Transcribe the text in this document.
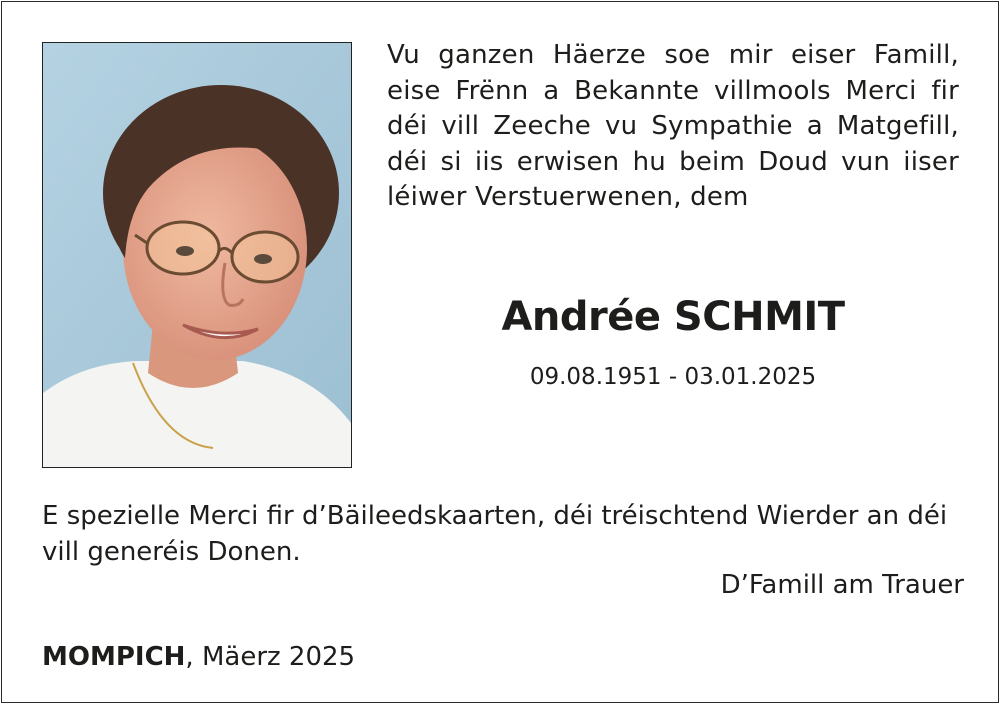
Vu ganzen Häerze soe mir eiser Famill, eise Frënn a Bekannte villmools Merci fir déi vill Zeeche vu Sympathie a Matgefill, déi si iis erwisen hu beim Doud vun iiser léiwer Verstuerwenen, dem

Andrée SCHMIT

09.08.1951 - 03.01.2025

E spezielle Merci fir d’Bäileedskaarten, déi tréischtend Wierder an déi vill generéis Donen.

D’Famill am Trauer

MOMPICH, Mäerz 2025
